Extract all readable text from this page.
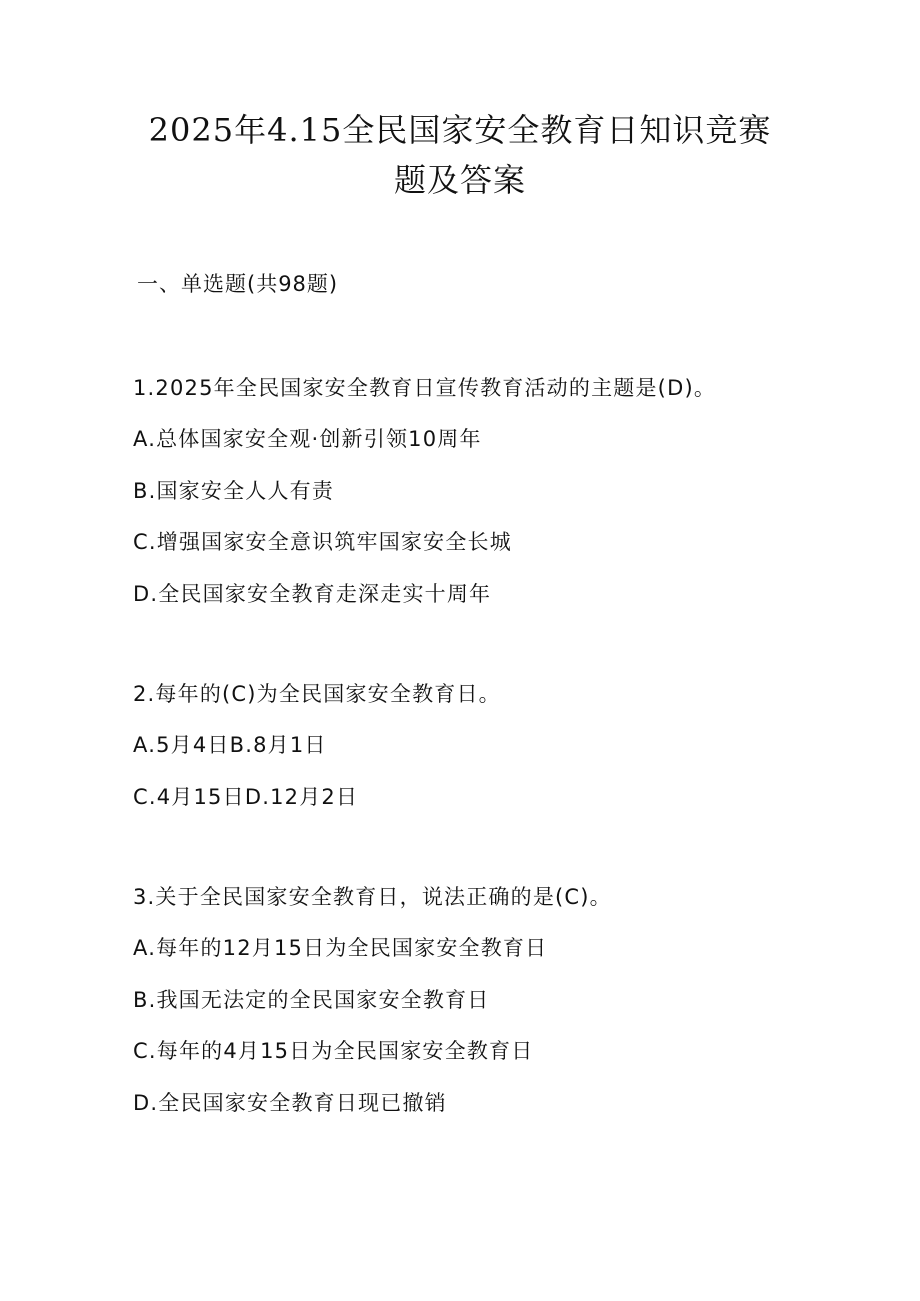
2025年4.15全民国家安全教育日知识竞赛
题及答案
一、单选题(共98题)
1.2025年全民国家安全教育日宣传教育活动的主题是(D)。
A.总体国家安全观·创新引领10周年
B.国家安全人人有责
C.增强国家安全意识筑牢国家安全长城
D.全民国家安全教育走深走实十周年
2.每年的(C)为全民国家安全教育日。
A.5月4日B.8月1日
C.4月15日D.12月2日
3.关于全民国家安全教育日，说法正确的是(C)。
A.每年的12月15日为全民国家安全教育日
B.我国无法定的全民国家安全教育日
C.每年的4月15日为全民国家安全教育日
D.全民国家安全教育日现已撤销
